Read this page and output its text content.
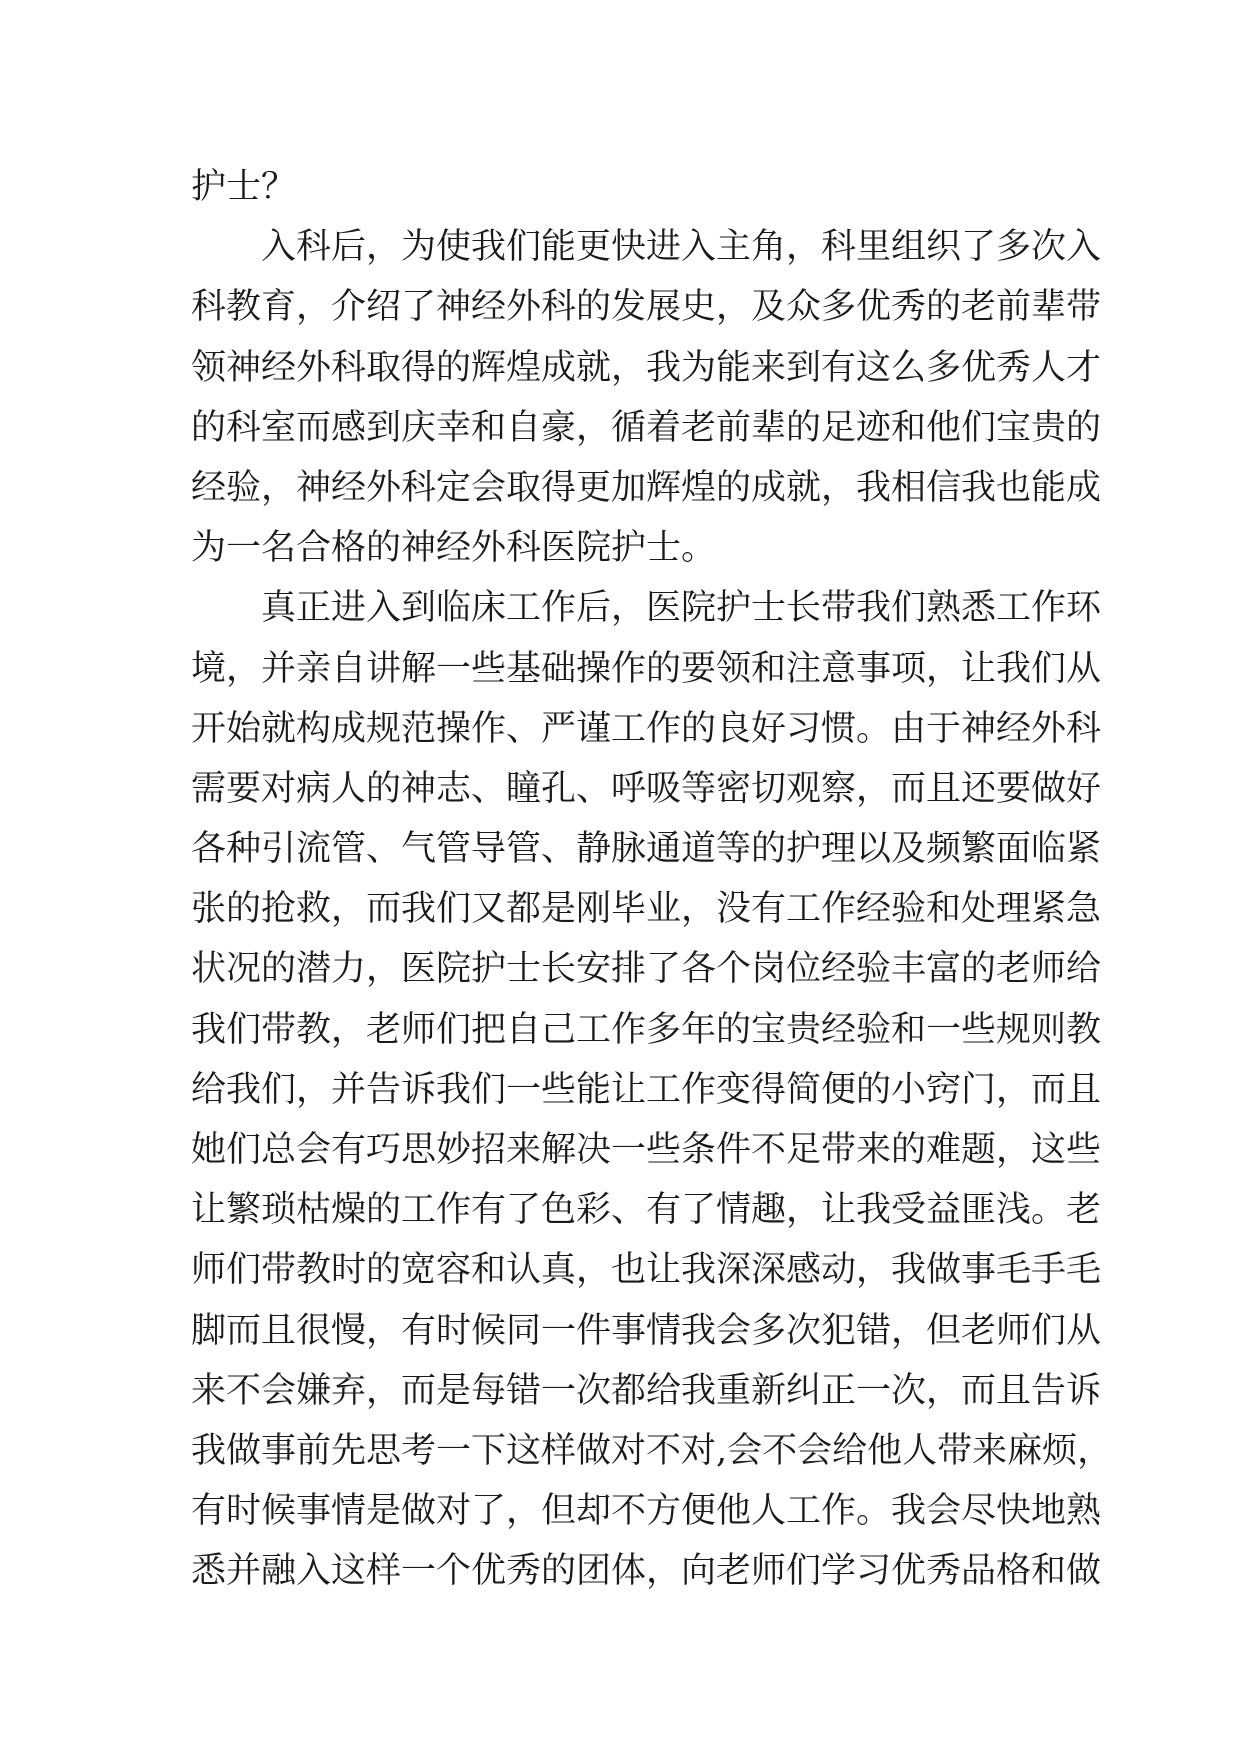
护士？
入科后，为使我们能更快进入主角，科里组织了多次入
科教育，介绍了神经外科的发展史，及众多优秀的老前辈带
领神经外科取得的辉煌成就，我为能来到有这么多优秀人才
的科室而感到庆幸和自豪，循着老前辈的足迹和他们宝贵的
经验，神经外科定会取得更加辉煌的成就，我相信我也能成
为一名合格的神经外科医院护士。
真正进入到临床工作后，医院护士长带我们熟悉工作环
境，并亲自讲解一些基础操作的要领和注意事项，让我们从
开始就构成规范操作、严谨工作的良好习惯。由于神经外科
需要对病人的神志、瞳孔、呼吸等密切观察，而且还要做好
各种引流管、气管导管、静脉通道等的护理以及频繁面临紧
张的抢救，而我们又都是刚毕业，没有工作经验和处理紧急
状况的潜力，医院护士长安排了各个岗位经验丰富的老师给
我们带教，老师们把自己工作多年的宝贵经验和一些规则教
给我们，并告诉我们一些能让工作变得简便的小窍门，而且
她们总会有巧思妙招来解决一些条件不足带来的难题，这些
让繁琐枯燥的工作有了色彩、有了情趣，让我受益匪浅。老
师们带教时的宽容和认真，也让我深深感动，我做事毛手毛
脚而且很慢，有时候同一件事情我会多次犯错，但老师们从
来不会嫌弃，而是每错一次都给我重新纠正一次，而且告诉
我做事前先思考一下这样做对不对,会不会给他人带来麻烦，
有时候事情是做对了，但却不方便他人工作。我会尽快地熟
悉并融入这样一个优秀的团体，向老师们学习优秀品格和做
